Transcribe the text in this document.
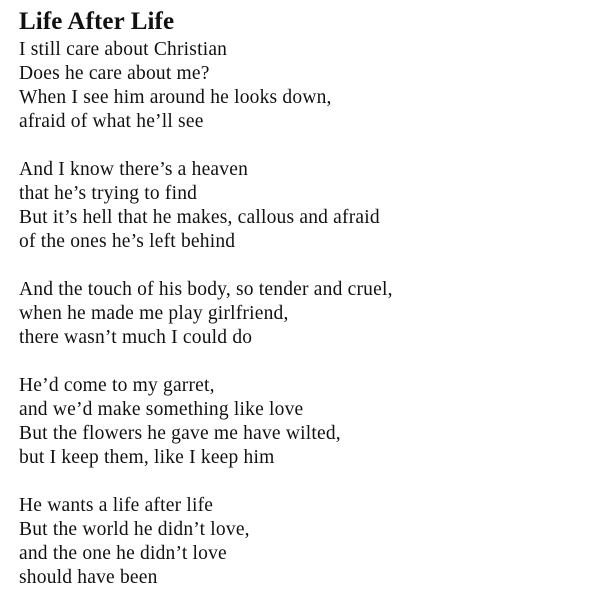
Life After Life
I still care about Christian
Does he care about me?
When I see him around he looks down,
afraid of what he’ll see
And I know there’s a heaven
that he’s trying to find
But it’s hell that he makes, callous and afraid
of the ones he’s left behind
And the touch of his body, so tender and cruel,
when he made me play girlfriend,
there wasn’t much I could do
He’d come to my garret,
and we’d make something like love
But the flowers he gave me have wilted,
but I keep them, like I keep him
He wants a life after life
But the world he didn’t love,
and the one he didn’t love
should have been
